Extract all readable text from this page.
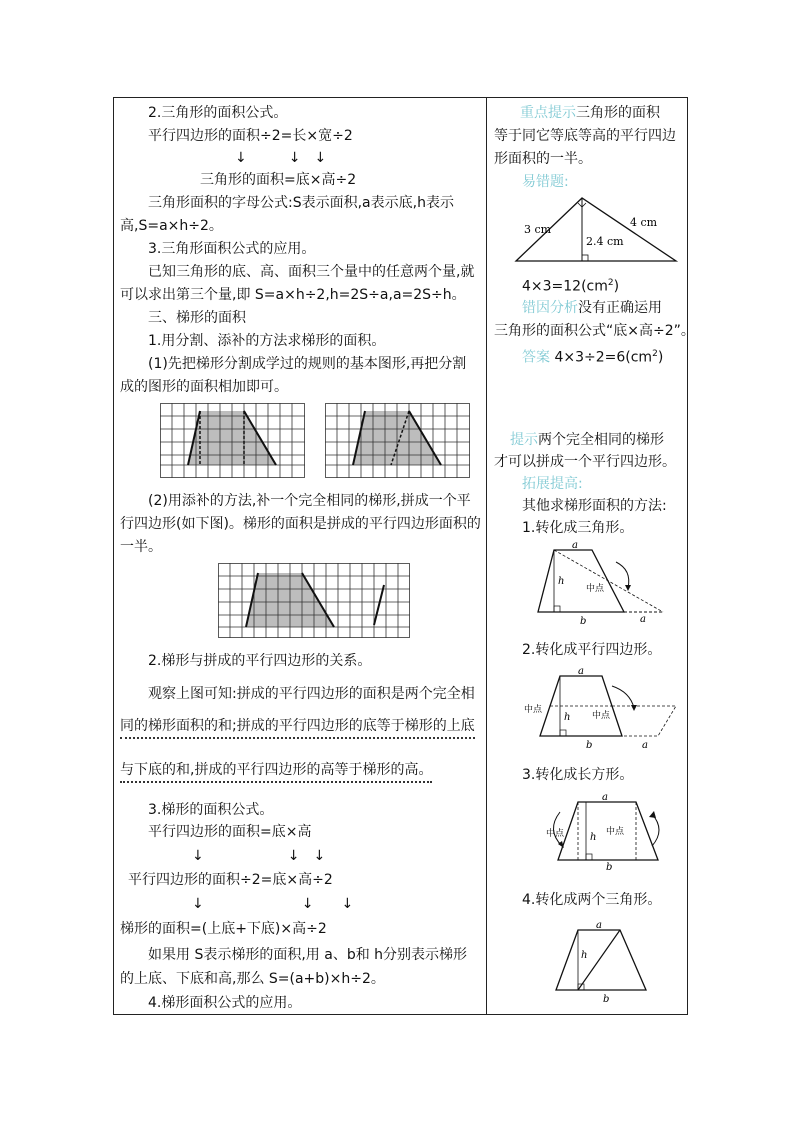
2.三角形的面积公式。
平行四边形的面积÷2=长×宽÷2
↓　　　↓　↓
三角形的面积=底×高÷2
三角形面积的字母公式:S表示面积,a表示底,h表示
高,S=a×h÷2。
3.三角形面积公式的应用。
已知三角形的底、高、面积三个量中的任意两个量,就
可以求出第三个量,即 S=a×h÷2,h=2S÷a,a=2S÷h。
三、梯形的面积
1.用分割、添补的方法求梯形的面积。
(1)先把梯形分割成学过的规则的基本图形,再把分割
成的图形的面积相加即可。
(2)用添补的方法,补一个完全相同的梯形,拼成一个平
行四边形(如下图)。梯形的面积是拼成的平行四边形面积的
一半。
2.梯形与拼成的平行四边形的关系。
观察上图可知:拼成的平行四边形的面积是两个完全相
同的梯形面积的和;拼成的平行四边形的底等于梯形的上底
与下底的和,拼成的平行四边形的高等于梯形的高。
3.梯形的面积公式。
平行四边形的面积=底×高
↓　　　　　　↓　↓
平行四边形的面积÷2=底×高÷2
↓　　　　　　　↓　　↓
梯形的面积=(上底+下底)×高÷2
如果用 S表示梯形的面积,用 a、b和 h分别表示梯形
的上底、下底和高,那么 S=(a+b)×h÷2。
4.梯形面积公式的应用。
重点提示三角形的面积
等于同它等底等高的平行四边
形面积的一半。
易错题:
3 cm
4 cm
2.4 cm
$4\times 3=12(cm^2)$
错因分析没有正确运用
三角形的面积公式“底×高÷2”。
答案 $4\times 3\div 2=6(cm^2)$
提示两个完全相同的梯形
才可以拼成一个平行四边形。
拓展提高:
其他求梯形面积的方法:
1.转化成三角形。
a
h
中点
b	a
2.转化成平行四边形。
a
h
中点
中点
b	a
3.转化成长方形。
a
h
中点	中点
b
4.转化成两个三角形。
a
h
b
